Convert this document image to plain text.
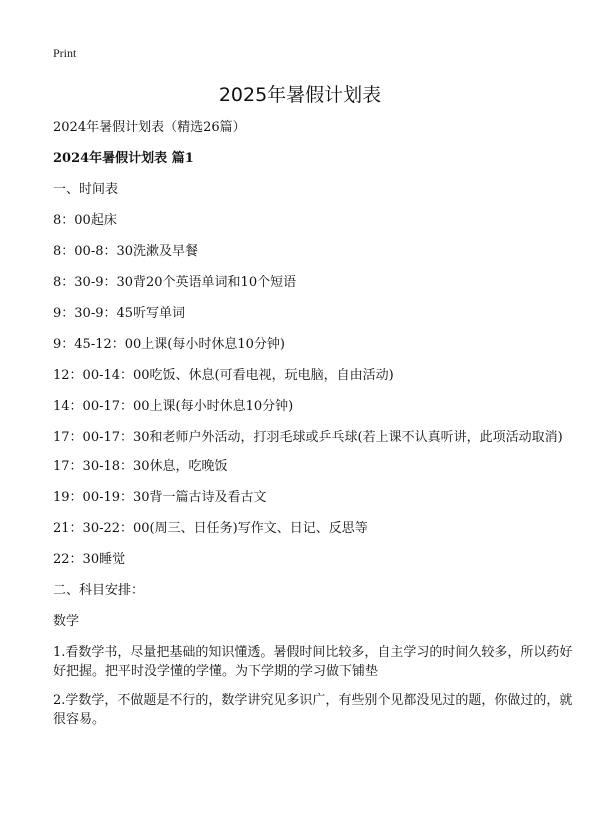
Print
2025年暑假计划表

2024年暑假计划表（精选26篇）

2024年暑假计划表 篇1

一、时间表

8：00起床

8：00-8：30洗漱及早餐

8：30-9：30背20个英语单词和10个短语

9：30-9：45听写单词

9：45-12：00上课(每小时休息10分钟)

12：00-14：00吃饭、休息(可看电视，玩电脑，自由活动)

14：00-17：00上课(每小时休息10分钟)

17：00-17：30和老师户外活动，打羽毛球或乒乓球(若上课不认真听讲，此项活动取消)

17：30-18：30休息，吃晚饭

19：00-19：30背一篇古诗及看古文

21：30-22：00(周三、日任务)写作文、日记、反思等

22：30睡觉

二、科目安排：

数学

1.看数学书，尽量把基础的知识懂透。暑假时间比较多，自主学习的时间久较多，所以药好好把握。把平时没学懂的学懂。为下学期的学习做下铺垫

2.学数学，不做题是不行的，数学讲究见多识广，有些别个见都没见过的题，你做过的，就很容易。
